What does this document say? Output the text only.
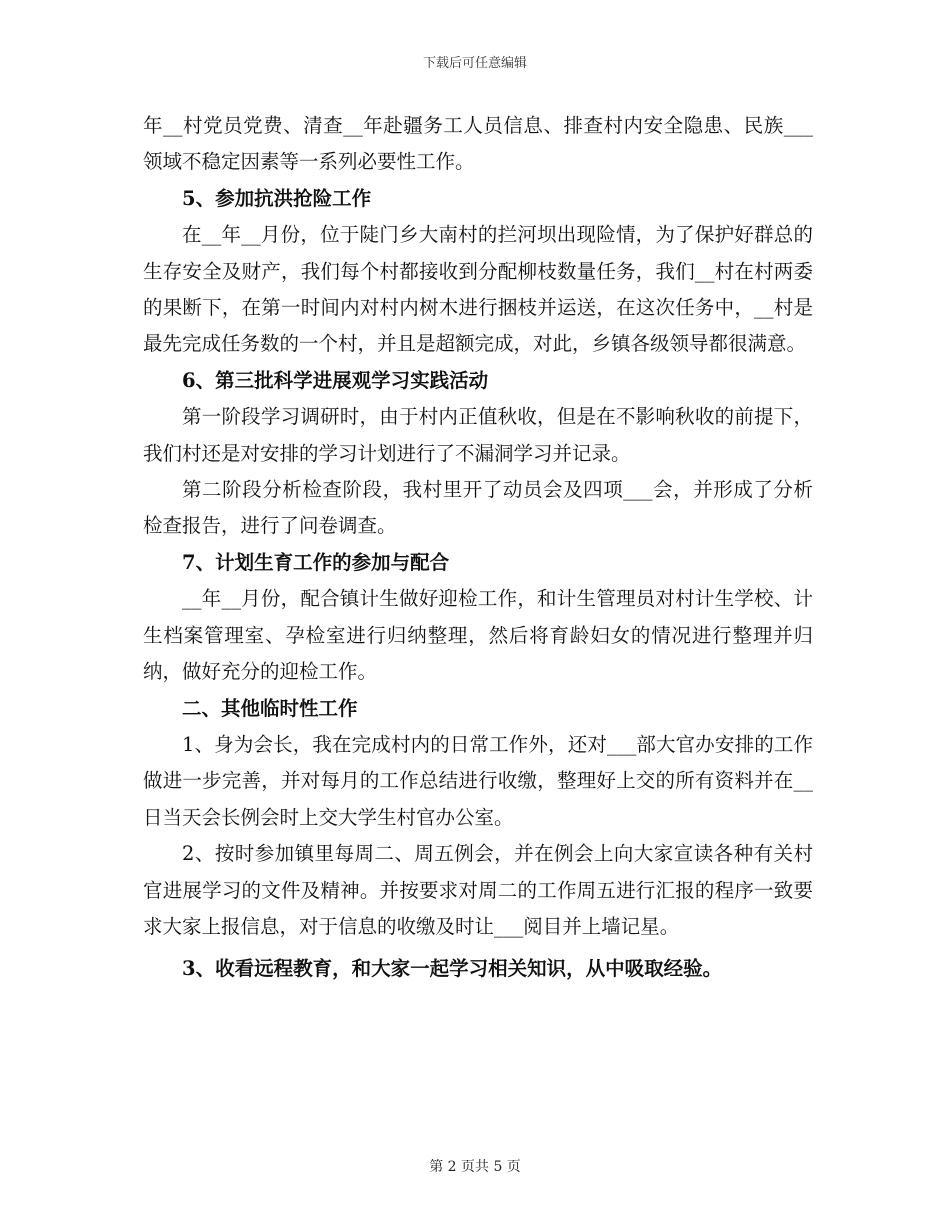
下载后可任意编辑

年__村党员党费、清查__年赴疆务工人员信息、排查村内安全隐患、民族___领域不稳定因素等一系列必要性工作。

5、参加抗洪抢险工作

在__年__月份，位于陡门乡大南村的拦河坝出现险情，为了保护好群总的生存安全及财产，我们每个村都接收到分配柳枝数量任务，我们__村在村两委的果断下，在第一时间内对村内树木进行捆枝并运送，在这次任务中，__村是最先完成任务数的一个村，并且是超额完成，对此，乡镇各级领导都很满意。

6、第三批科学进展观学习实践活动

第一阶段学习调研时，由于村内正值秋收，但是在不影响秋收的前提下，我们村还是对安排的学习计划进行了不漏洞学习并记录。

第二阶段分析检查阶段，我村里开了动员会及四项___会，并形成了分析检查报告，进行了问卷调查。

7、计划生育工作的参加与配合

__年__月份，配合镇计生做好迎检工作，和计生管理员对村计生学校、计生档案管理室、孕检室进行归纳整理，然后将育龄妇女的情况进行整理并归纳，做好充分的迎检工作。

二、其他临时性工作

1、身为会长，我在完成村内的日常工作外，还对___部大官办安排的工作做进一步完善，并对每月的工作总结进行收缴，整理好上交的所有资料并在__日当天会长例会时上交大学生村官办公室。

2、按时参加镇里每周二、周五例会，并在例会上向大家宣读各种有关村官进展学习的文件及精神。并按要求对周二的工作周五进行汇报的程序一致要求大家上报信息，对于信息的收缴及时让___阅目并上墙记星。

3、收看远程教育，和大家一起学习相关知识，从中吸取经验。

第 2 页共 5 页
